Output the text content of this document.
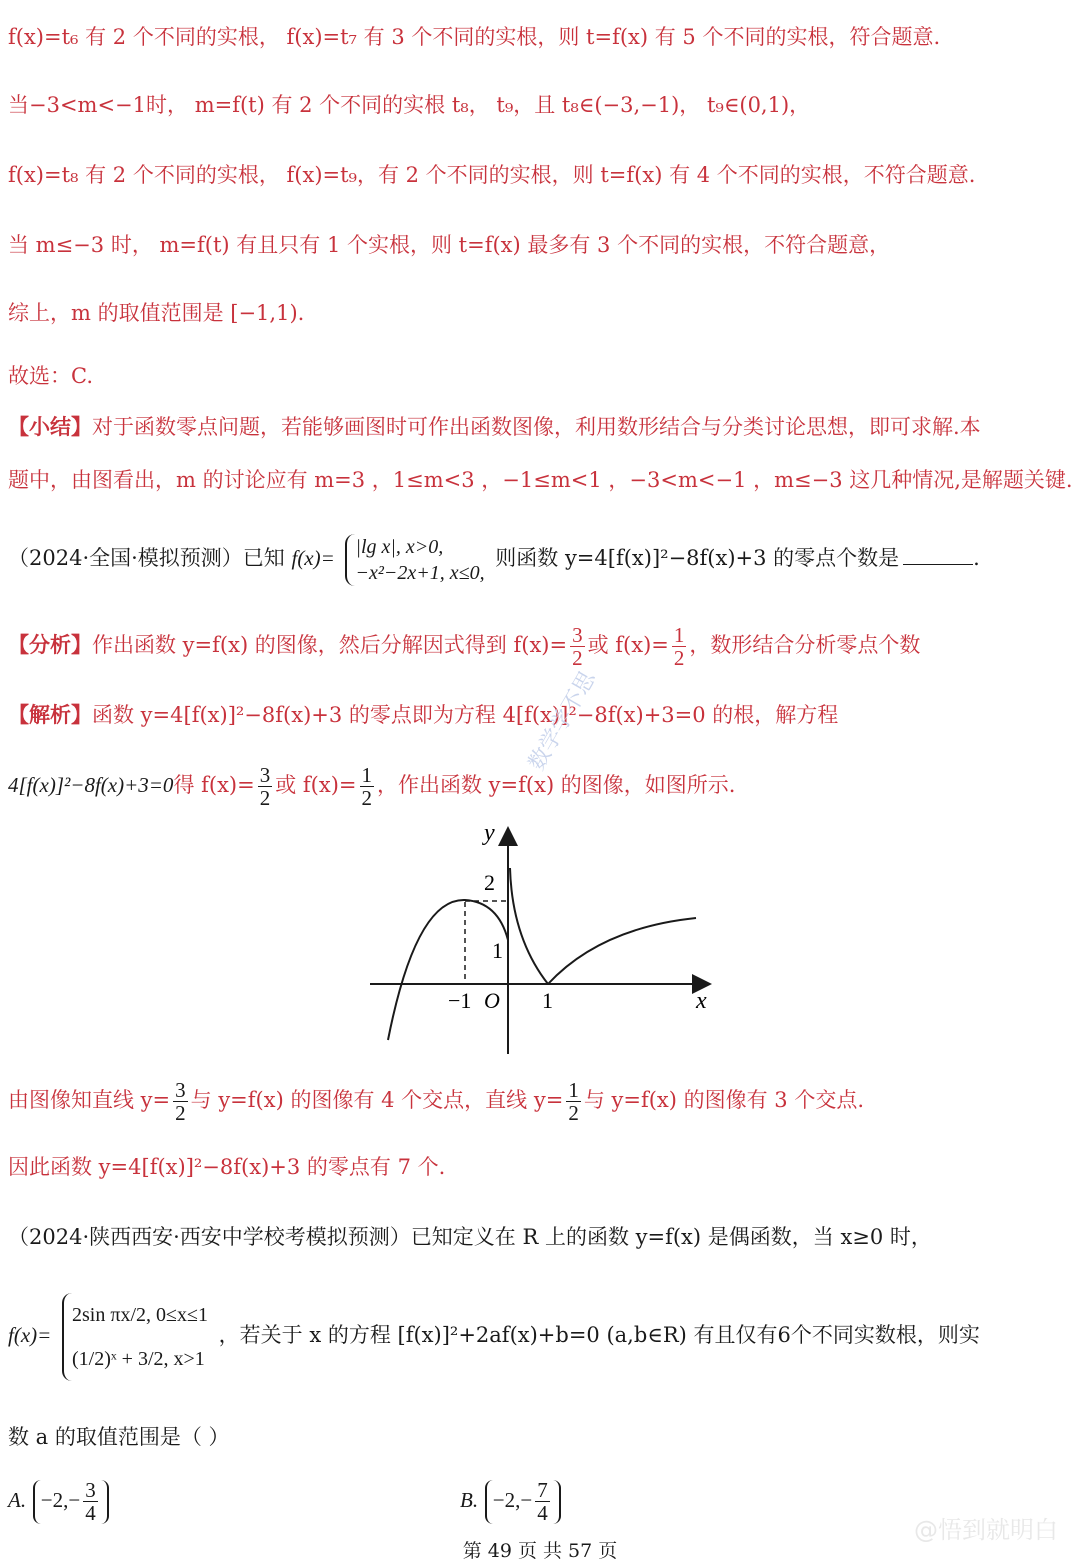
f(x)=t₆ 有 2 个不同的实根， f(x)=t₇ 有 3 个不同的实根，则 t=f(x) 有 5 个不同的实根，符合题意.
当−3<m<−1时， m=f(t) 有 2 个不同的实根 t₈， t₉，且 t₈∈(−3,−1)， t₉∈(0,1)，
f(x)=t₈ 有 2 个不同的实根， f(x)=t₉，有 2 个不同的实根，则 t=f(x) 有 4 个不同的实根，不符合题意.
当 m≤−3 时， m=f(t) 有且只有 1 个实根，则 t=f(x) 最多有 3 个不同的实根，不符合题意，
综上，m 的取值范围是 [−1,1).
故选：C.
【小结】对于函数零点问题，若能够画图时可作出函数图像，利用数形结合与分类讨论思想，即可求解.本
题中，由图看出，m 的讨论应有 m=3 ，1≤m<3 ，−1≤m<1 ，−3<m<−1 ，m≤−3 这几种情况,是解题关键.
（2024·全国·模拟预测）已知 f(x)= |lg x|, x>0,
−x²−2x+1, x≤0,
则函数 y=4[f(x)]²−8f(x)+3 的零点个数是	.
【分析】作出函数 y=f(x) 的图像，然后分解因式得到 $f(x)= \frac{3}{2}$ 或 $f(x)= \frac{1}{2}$ ，数形结合分析零点个数
【解析】函数 y=4[f(x)]²−8f(x)+3 的零点即为方程 4[f(x)]²−8f(x)+3=0 的根，解方程
4[f(x)]²−8f(x)+3=0得 $f(x)= \frac{3}{2}$ 或 $f(x)= \frac{1}{2}$ ，作出函数 y=f(x) 的图像，如图所示.
y
x
2
1
−1 O 1
数学学不思
由图像知直线 $y= \frac{3}{2}$ 与 y=f(x) 的图像有 4 个交点，直线 $y= \frac{1}{2}$ 与 y=f(x) 的图像有 3 个交点.
因此函数 y=4[f(x)]²−8f(x)+3 的零点有 7 个.
（2024·陕西西安·西安中学校考模拟预测）已知定义在 R 上的函数 y=f(x) 是偶函数，当 x≥0 时，
f(x)=
2sin πx/2, 0≤x≤1
(1/2)ˣ + 3/2, x>1
，若关于 x 的方程 [f(x)]²+2af(x)+b=0 (a,b∈R) 有且仅有6个不同实数根，则实
数 a 的取值范围是（ ）
A. $-2,- \frac{3}{4}$	B. $-2,- \frac{7}{4}$
@悟到就明白
第 49 页 共 57 页
